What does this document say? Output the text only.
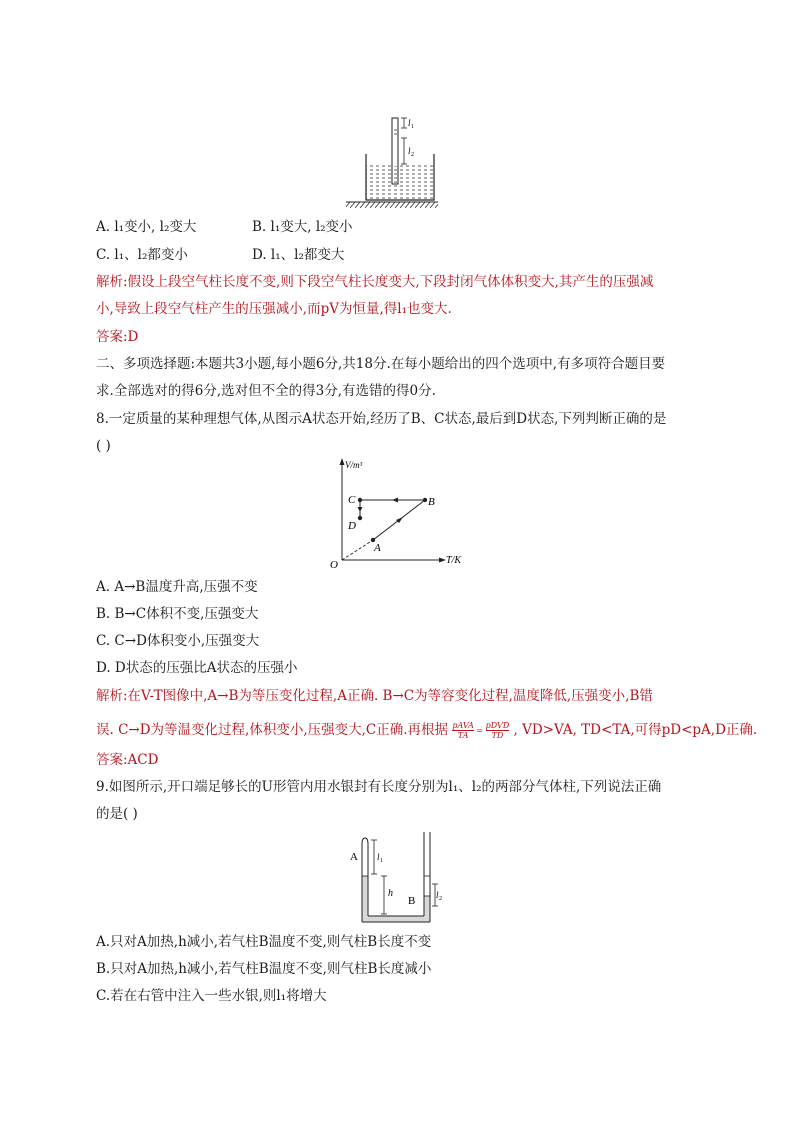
l 1
l 2
A. l₁变小, l₂变大	B. l₁变大, l₂变小
C. l₁、l₂都变小	D. l₁、l₂都变大
解析:假设上段空气柱长度不变,则下段空气柱长度变大,下段封闭气体体积变大,其产生的压强减
小,导致上段空气柱产生的压强减小,而pV为恒量,得l₁也变大.
答案:D
二、多项选择题:本题共3小题,每小题6分,共18分.在每小题给出的四个选项中,有多项符合题目要
求.全部选对的得6分,选对但不全的得3分,有选错的得0分.
8.一定质量的某种理想气体,从图示A状态开始,经历了B、C状态,最后到D状态,下列判断正确的是
( )
V/m³
T/K
O
A
B
C
D
A. A→B温度升高,压强不变
B. B→C体积不变,压强变大
C. C→D体积变小,压强变大
D. D状态的压强比A状态的压强小
解析:在V-T图像中,A→B为等压变化过程,A正确. B→C为等容变化过程,温度降低,压强变小,B错
误. C→D为等温变化过程,体积变小,压强变大,C正确.再根据 pAVA
TA
=
pDVD
TD , VD>VA, TD<TA,可得pD<pA,D正确.
答案:ACD
9.如图所示,开口端足够长的U形管内用水银封有长度分别为l₁、l₂的两部分气体柱,下列说法正确
的是( )
A
B
l 1
h	l 2
A.只对A加热,h减小,若气柱B温度不变,则气柱B长度不变
B.只对A加热,h减小,若气柱B温度不变,则气柱B长度减小
C.若在右管中注入一些水银,则l₁将增大
